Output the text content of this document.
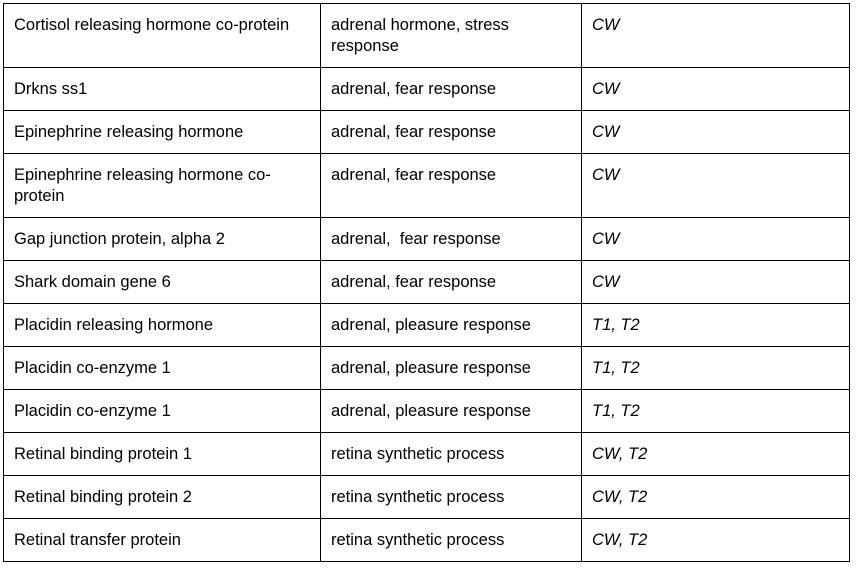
Cortisol releasing hormone co-protein	adrenal hormone, stress response	CW
Drkns ss1	adrenal, fear response	CW
Epinephrine releasing hormone	adrenal, fear response	CW
Epinephrine releasing hormone co-protein	adrenal, fear response	CW
Gap junction protein, alpha 2	adrenal,  fear response	CW
Shark domain gene 6	adrenal, fear response	CW
Placidin releasing hormone	adrenal, pleasure response	T1, T2
Placidin co-enzyme 1	adrenal, pleasure response	T1, T2
Placidin co-enzyme 1	adrenal, pleasure response	T1, T2
Retinal binding protein 1	retina synthetic process	CW, T2
Retinal binding protein 2	retina synthetic process	CW, T2
Retinal transfer protein	retina synthetic process	CW, T2
